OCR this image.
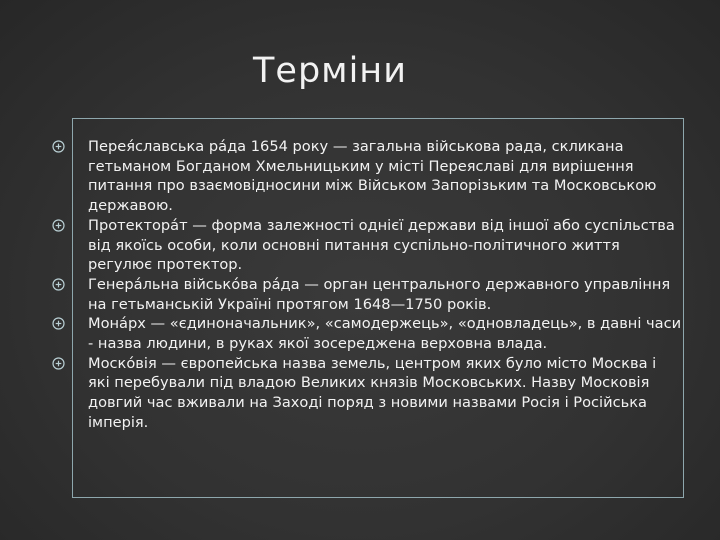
Терміни
Перея́славська ра́да 1654 року — загальна військова рада, скликана гетьманом Богданом Хмельницьким у місті Переяславі для вирішення питання про взаємовідносини між Військом Запорізьким та Московською державою.
Протектора́т — форма залежності однієї держави від іншої або суспільства від якоїсь особи, коли основні питання суспільно-політичного життя регулює протектор.
Генера́льна військо́ва ра́да — орган центрального державного управління на гетьманській Україні протягом 1648—1750 років.
Мона́рх — «єдиноначальник», «самодержець», «одновладець», в давні часи - назва людини, в руках якої зосереджена верховна влада.
Моско́вія — європейська назва земель, центром яких було місто Москва і які перебували під владою Великих князів Московських. Назву Московія довгий час вживали на Заході поряд з новими назвами Росія і Російська імперія.
